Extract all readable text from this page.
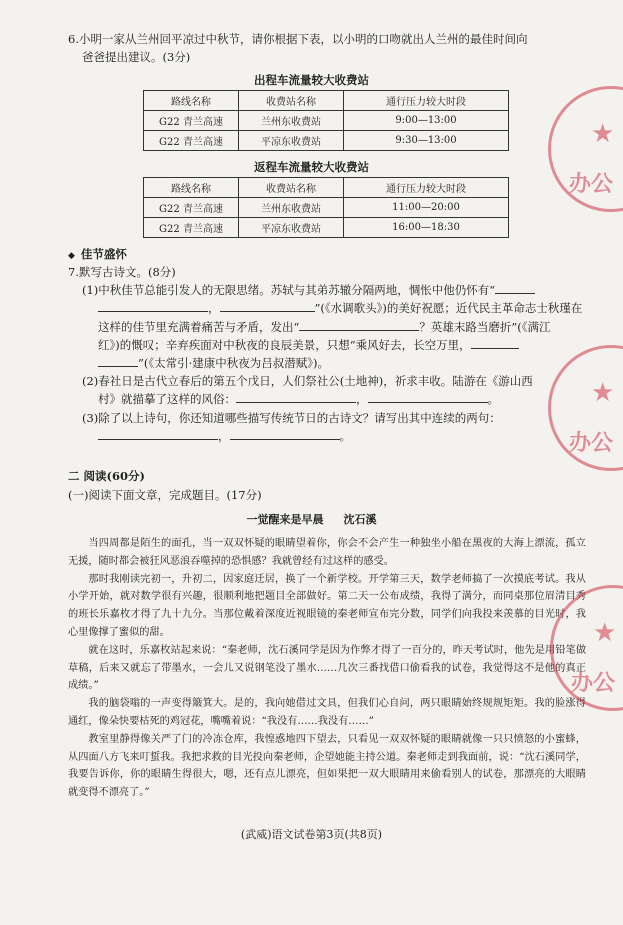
6.小明一家从兰州回平凉过中秋节，请你根据下表，以小明的口吻就出人兰州的最佳时间向
爸爸提出建议。(3分)
出程车流量较大收费站
路线名称	收费站名称	通行压力较大时段
G22 青兰高速	兰州东收费站	9:00—13:00
G22 青兰高速	平凉东收费站	9:30—13:00
返程车流量较大收费站
路线名称	收费站名称	通行压力较大时段
G22 青兰高速	兰州东收费站	11:00—20:00
G22 青兰高速	平凉东收费站	16:00—18:30
◆ 佳节盛怀

7.默写古诗文。(8分)

(1)中秋佳节总能引发人的无限思绪。苏轼与其弟苏辙分隔两地，惆怅中他仍怀有“

，	”(《水调歌头》)的美好祝愿；近代民主革命志士秋瑾在

这样的佳节里充满着痛苦与矛盾，发出“	？英雄末路当磨折”(《满江

红》)的慨叹；辛弃疾面对中秋夜的良辰美景，只想“乘风好去，长空万里，

”(《太常引·建康中秋夜为吕叔潜赋》)。

(2)春社日是古代立春后的第五个戊日，人们祭社公(土地神)，祈求丰收。陆游在《游山西

村》就描摹了这样的风俗：	，	。

(3)除了以上诗句，你还知道哪些描写传统节日的古诗文？请写出其中连续的两句：

，	。

二 阅读(60分)
(一)阅读下面文章，完成题目。(17分)
一觉醒来是早晨 沈石溪

当四周都是陌生的面孔，当一双双怀疑的眼睛望着你，你会不会产生一种独坐小船在黑夜的大海上漂流，孤立无援，随时都会被狂风恶浪吞噬掉的恐惧感？我就曾经有过这样的感受。

那时我刚读完初一，升初二，因家庭迁居，换了一个新学校。开学第三天，数学老师搞了一次摸底考试。我从小学开始，就对数学很有兴趣，很顺利地把题目全部做好。第二天一公布成绩，我得了满分，而同桌那位眉清目秀的班长乐嘉枚才得了九十九分。当那位戴着深度近视眼镜的秦老师宣布完分数，同学们向我投来羡慕的目光时，我心里像撑了蜜似的甜。

就在这时，乐嘉枚站起来说：“秦老师，沈石溪同学是因为作弊才得了一百分的，昨天考试时，他先是用铅笔做草稿，后来又就忘了带墨水，一会儿又说钢笔没了墨水……几次三番找借口偷看我的试卷，我觉得这不是他的真正成绩。”

我的脑袋嗡的一声变得簸箕大。是的，我向她借过文具，但我们心自问，两只眼睛始终规规矩矩。我的脸涨得通红，像朵快要枯死的鸡冠花，嘴嘴着说：“我没有……我没有……”

教室里静得像关严了门的冷冻仓库，我惶惑地四下望去，只看见一双双怀疑的眼睛就像一只只愤怒的小蜜蜂，从四面八方飞来叮蜇我。我把求救的目光投向秦老师，企望她能主持公道。秦老师走到我面前，说：“沈石溪同学，我要告诉你，你的眼睛生得很大，嗯，还有点儿漂亮，但如果把一双大眼睛用来偷看别人的试卷，那漂亮的大眼睛就变得不漂亮了。”

(武威)语文试卷第3页(共8页)
★
办公
★
办公
★
办公
